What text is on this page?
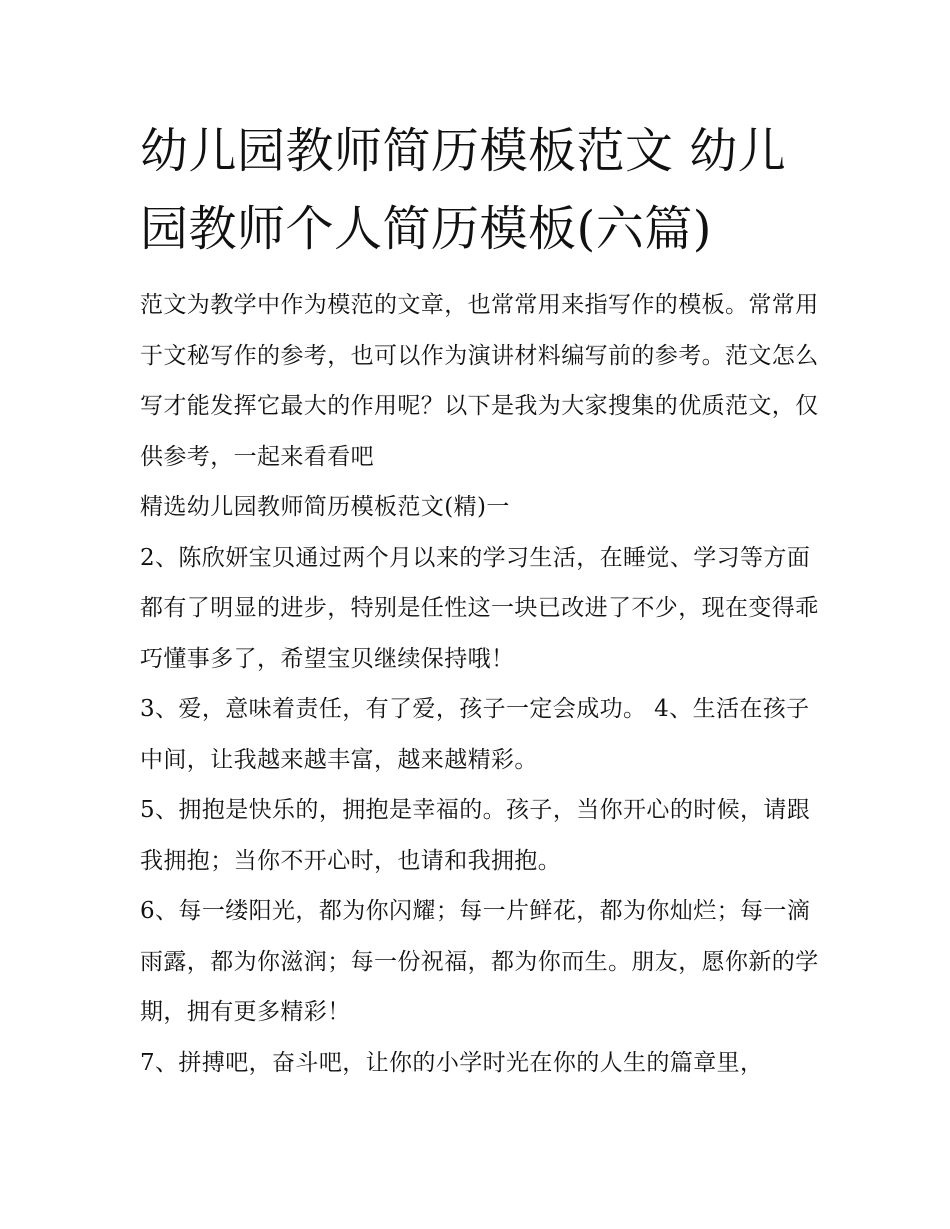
幼儿园教师简历模板范文 幼儿园教师个人简历模板(六篇)

范文为教学中作为模范的文章，也常常用来指写作的模板。常常用于文秘写作的参考，也可以作为演讲材料编写前的参考。范文怎么写才能发挥它最大的作用呢？以下是我为大家搜集的优质范文，仅供参考，一起来看看吧

精选幼儿园教师简历模板范文(精)一

2、陈欣妍宝贝通过两个月以来的学习生活，在睡觉、学习等方面都有了明显的进步，特别是任性这一块已改进了不少，现在变得乖巧懂事多了，希望宝贝继续保持哦！

3、爱，意味着责任，有了爱，孩子一定会成功。 4、生活在孩子中间，让我越来越丰富，越来越精彩。

5、拥抱是快乐的，拥抱是幸福的。孩子，当你开心的时候，请跟我拥抱；当你不开心时，也请和我拥抱。

6、每一缕阳光，都为你闪耀；每一片鲜花，都为你灿烂；每一滴雨露，都为你滋润；每一份祝福，都为你而生。朋友，愿你新的学期，拥有更多精彩！

7、拼搏吧，奋斗吧，让你的小学时光在你的人生的篇章里，
